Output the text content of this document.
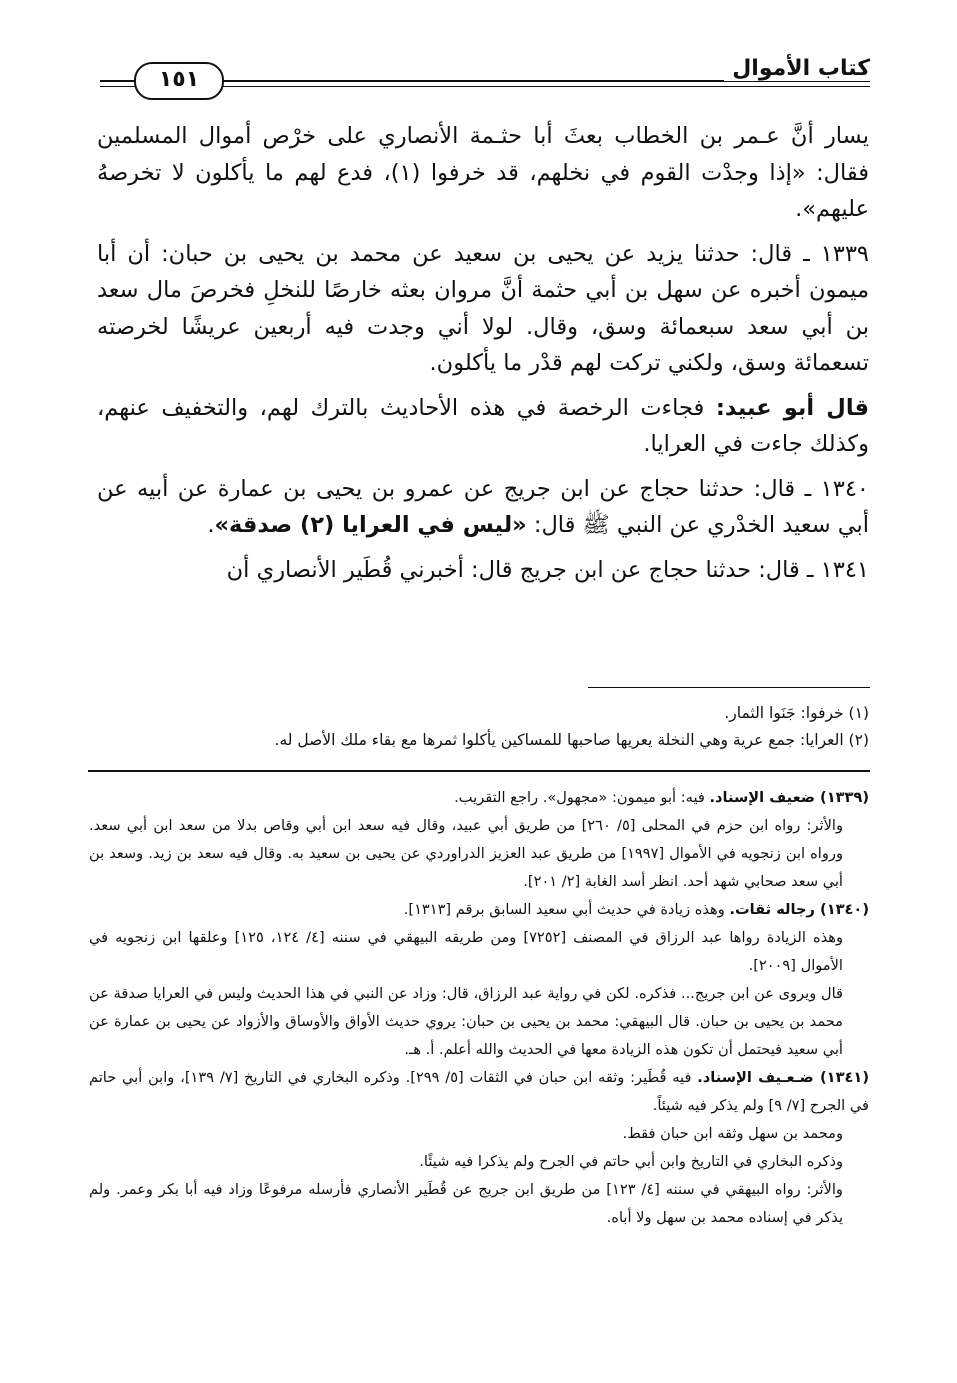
كتاب الأموال
١٥١

يسار أنَّ عـمر بن الخطاب بعثَ أبا حثـمة الأنصاري على خرْص أموال المسلمين فقال: «إذا وجدْت القوم في نخلهم، قد خرفوا (١)، فدع لهم ما يأكلون لا تخرصهُ عليهم».

١٣٣٩ ـ قال: حدثنا يزيد عن يحيى بن سعيد عن محمد بن يحيى بن حبان: أن أبا ميمون أخبره عن سهل بن أبي حثمة أنَّ مروان بعثه خارصًا للنخلِ فخرصَ مال سعد بن أبي سعد سبعمائة وسق، وقال. لولا أني وجدت فيه أربعين عريشًا لخرصته تسعمائة وسق، ولكني تركت لهم قدْر ما يأكلون.

قال أبو عبيد: فجاءت الرخصة في هذه الأحاديث بالترك لهم، والتخفيف عنهم، وكذلك جاءت في العرايا.

١٣٤٠ ـ قال: حدثنا حجاج عن ابن جريج عن عمرو بن يحيى بن عمارة عن أبيه عن أبي سعيد الخدْري عن النبي ﷺ قال: «ليس في العرايا (٢) صدقة».

١٣٤١ ـ قال: حدثنا حجاج عن ابن جريج قال: أخبرني قُطَير الأنصاري أن

(١) خرفوا: جَنَوا الثمار.

(٢) العرايا: جمع عرية وهي النخلة يعريها صاحبها للمساكين يأكلوا ثمرها مع بقاء ملك الأصل له.

(١٣٣٩) ضعيف الإسناد. فيه: أبو ميمون: «مجهول». راجع التقريب.

والأثر: رواه ابن حزم في المحلى [٥/ ٢٦٠] من طريق أبي عبيد، وقال فيه سعد ابن أبي وقاص بدلا من سعد ابن أبي سعد. ورواه ابن زنجويه في الأموال [١٩٩٧] من طريق عبد العزيز الدراوردي عن يحيى بن سعيد به. وقال فيه سعد بن زيد. وسعد بن أبي سعد صحابي شهد أحد. انظر أسد الغابة [٢/ ٢٠١].

(١٣٤٠) رجاله ثقات. وهذه زيادة في حديث أبي سعيد السابق برقم [١٣١٣].

وهذه الزيادة رواها عبد الرزاق في المصنف [٧٢٥٢] ومن طريقه البيهقي في سننه [٤/ ١٢٤، ١٢٥] وعلقها ابن زنجويه في الأموال [٢٠٠٩].

قال ويروى عن ابن جريج... فذكره. لكن في رواية عبد الرزاق، قال: وزاد عن النبي في هذا الحديث وليس في العرايا صدقة عن محمد بن يحيى بن حبان. قال البيهقي: محمد بن يحيى بن حبان: يروي حديث الأواق والأوساق والأزواد عن يحيى بن عمارة عن أبي سعيد فيحتمل أن تكون هذه الزيادة معها في الحديث والله أعلم. أ. هـ.

(١٣٤١) ضـعـيف الإسناد. فيه قُطَير: وثقه ابن حبان في الثقات [٥/ ٢٩٩]. وذكره البخاري في التاريخ [٧/ ١٣٩]، وابن أبي حاتم في الجرح [٧/ ٩] ولم يذكر فيه شيئاً.

ومحمد بن سهل وثقه ابن حبان فقط.

وذكره البخاري في التاريخ وابن أبي حاتم في الجرح ولم يذكرا فيه شيئًا.

والأثر: رواه البيهقي في سننه [٤/ ١٢٣] من طريق ابن جريج عن قُطَير الأنصاري فأرسله مرفوعًا وزاد فيه أبا بكر وعمر. ولم يذكر في إسناده محمد بن سهل ولا أباه.
